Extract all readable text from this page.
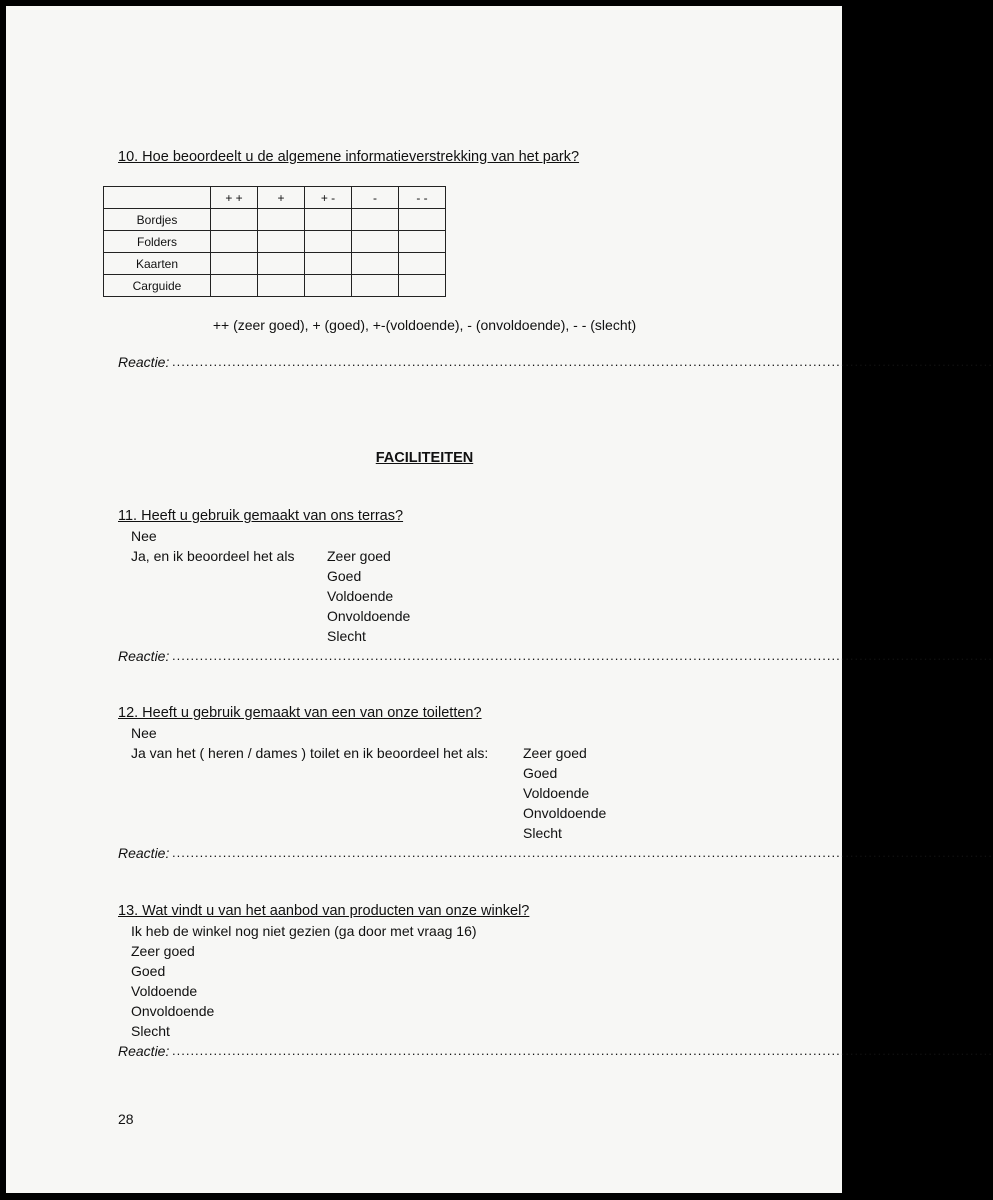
10. Hoe beoordeelt u de algemene informatieverstrekking van het park?
	+ +	+	+ -	-	- -
Bordjes					
Folders					
Kaarten					
Carguide					
++ (zeer goed), + (goed), +-(voldoende), - (onvoldoende), - - (slecht)
Reactie: ..................................................................................................................................................................................
FACILITEITEN
11. Heeft u gebruik gemaakt van ons terras?
Nee
Ja, en ik beoordeel het als Zeer goed
Goed
Voldoende
Onvoldoende
Slecht
Reactie: ..................................................................................................................................................................................
12. Heeft u gebruik gemaakt van een van onze toiletten?
Nee
Ja van het ( heren / dames ) toilet en ik beoordeel het als: Zeer goed
Goed
Voldoende
Onvoldoende
Slecht
Reactie: ..................................................................................................................................................................................
13. Wat vindt u van het aanbod van producten van onze winkel?
Ik heb de winkel nog niet gezien (ga door met vraag 16)
Zeer goed
Goed
Voldoende
Onvoldoende
Slecht
Reactie: ..................................................................................................................................................................................
28
